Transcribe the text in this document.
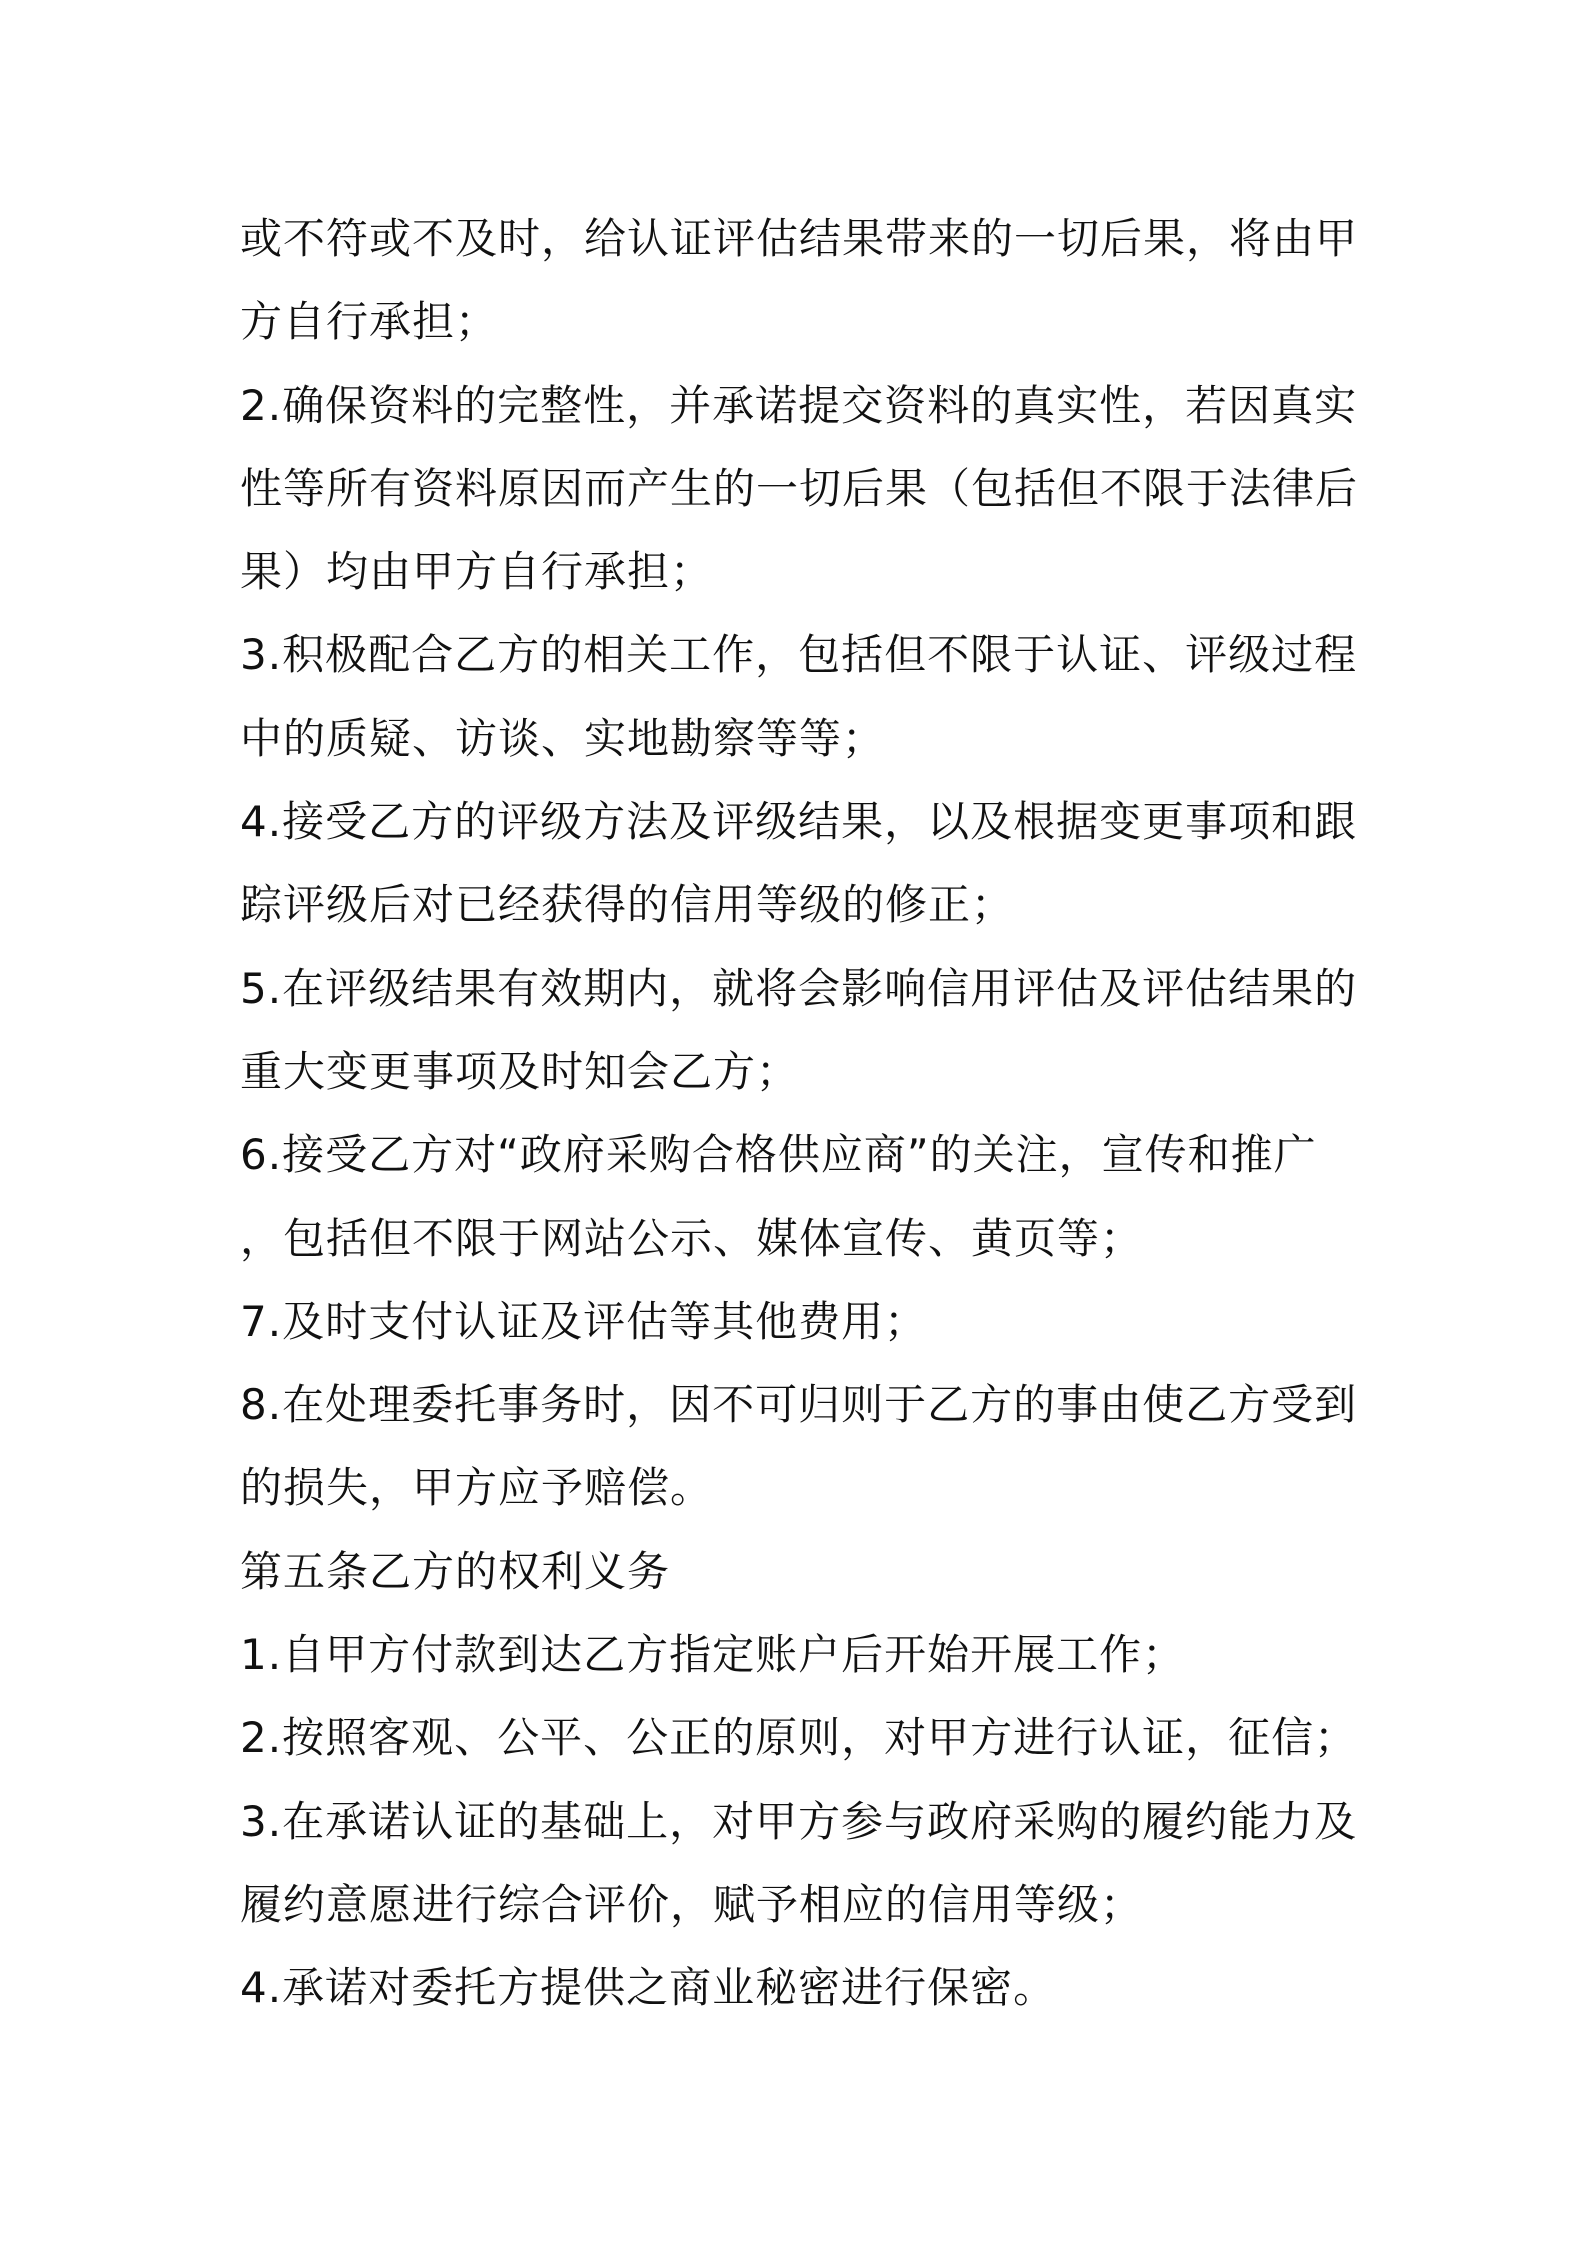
或不符或不及时，给认证评估结果带来的一切后果，将由甲
方自行承担；
2.确保资料的完整性，并承诺提交资料的真实性，若因真实
性等所有资料原因而产生的一切后果（包括但不限于法律后
果）均由甲方自行承担；
3.积极配合乙方的相关工作，包括但不限于认证、评级过程
中的质疑、访谈、实地勘察等等；
4.接受乙方的评级方法及评级结果，以及根据变更事项和跟
踪评级后对已经获得的信用等级的修正；
5.在评级结果有效期内，就将会影响信用评估及评估结果的
重大变更事项及时知会乙方；
6.接受乙方对“政府采购合格供应商”的关注，宣传和推广
，包括但不限于网站公示、媒体宣传、黄页等；
7.及时支付认证及评估等其他费用；
8.在处理委托事务时，因不可归则于乙方的事由使乙方受到
的损失，甲方应予赔偿。
第五条乙方的权利义务
1.自甲方付款到达乙方指定账户后开始开展工作；
2.按照客观、公平、公正的原则，对甲方进行认证，征信；
3.在承诺认证的基础上，对甲方参与政府采购的履约能力及
履约意愿进行综合评价，赋予相应的信用等级；
4.承诺对委托方提供之商业秘密进行保密。
